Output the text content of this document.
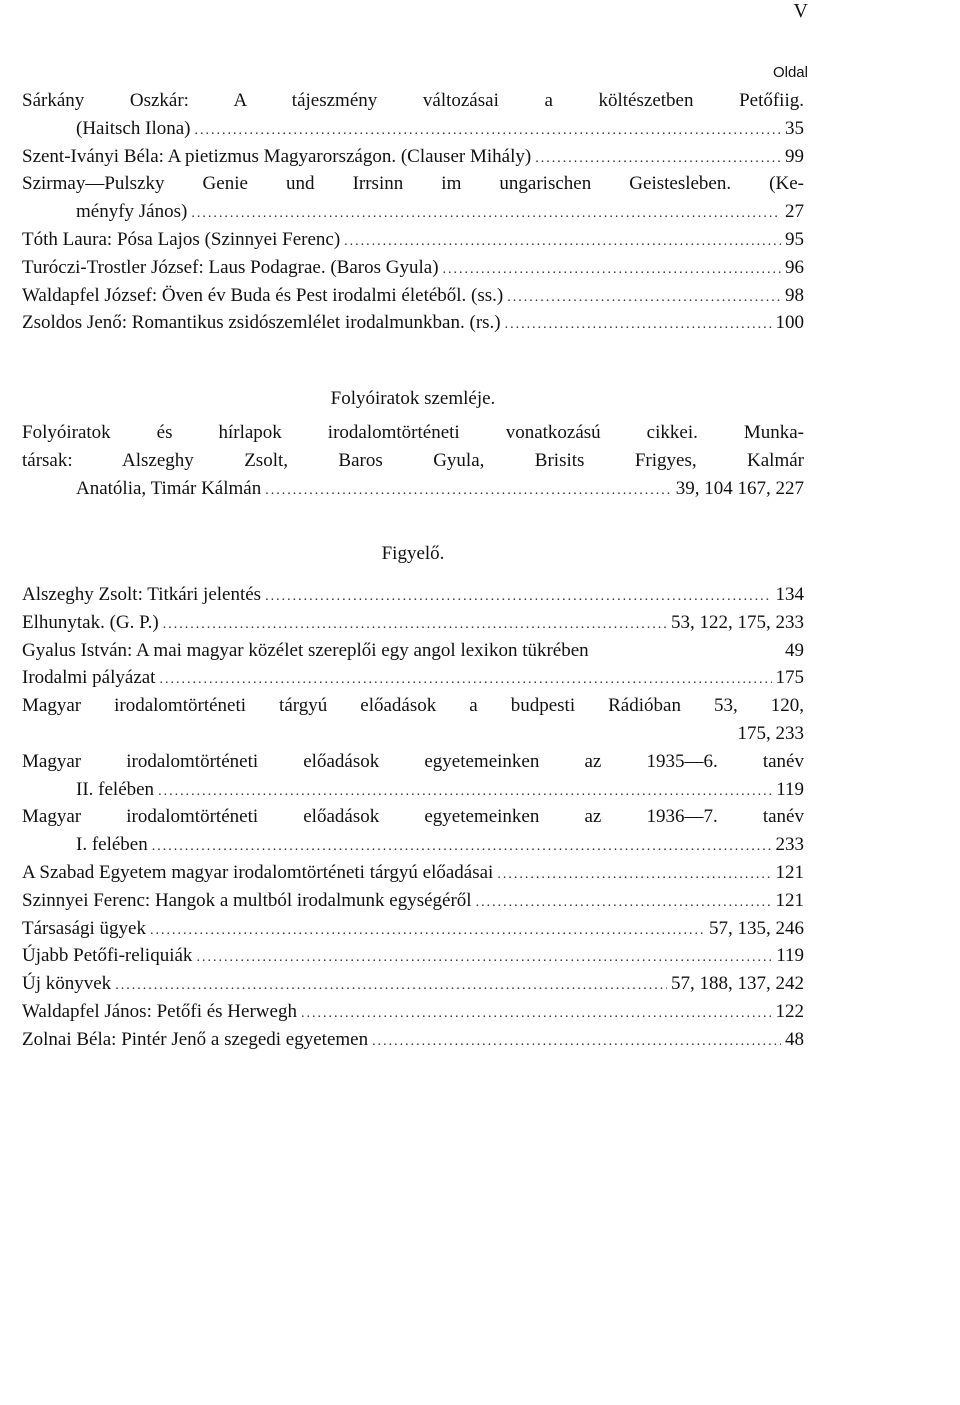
V
Oldal
Sárkány Oszkár: A tájeszmény változásai a költészetben Petőfiig.
(Haitsch Ilona) .....	35
Szent-Iványi Béla: A pietizmus Magyarországon. (Clauser Mihály) .....	99
Szirmay—Pulszky Genie und Irrsinn im ungarischen Geistesleben. (Ke-
ményfy János) .....	27
Tóth Laura: Pósa Lajos (Szinnyei Ferenc) .....	95
Turóczi-Trostler József: Laus Podagrae. (Baros Gyula) .....	96
Waldapfel József: Öven év Buda és Pest irodalmi életéből. (ss.) .....	98
Zsoldos Jenő: Romantikus zsidószemlélet irodalmunkban. (rs.) .....	100
Folyóiratok szemléje.
Folyóiratok és hírlapok irodalomtörténeti vonatkozású cikkei. Munka-
társak: Alszeghy Zsolt, Baros Gyula, Brisits Frigyes, Kalmár
Anatólia, Timár Kálmán .....	39, 104 167, 227
Figyelő.
Alszeghy Zsolt: Titkári jelentés .....	134
Elhunytak. (G. P.) .....	53, 122, 175, 233
Gyalus István: A mai magyar közélet szereplői egy angol lexikon tükrében	49
Irodalmi pályázat .....	175
Magyar irodalomtörténeti tárgyú előadások a budpesti Rádióban 53, 120,
175, 233
Magyar irodalomtörténeti előadások egyetemeinken az 1935—6. tanév
II. felében .....	119
Magyar irodalomtörténeti előadások egyetemeinken az 1936—7. tanév
I. felében .....	233
A Szabad Egyetem magyar irodalomtörténeti tárgyú előadásai .....	121
Szinnyei Ferenc: Hangok a multból irodalmunk egységéről .....	121
Társasági ügyek .....	57, 135, 246
Újabb Petőfi-reliquiák .....	119
Új könyvek .....	57, 188, 137, 242
Waldapfel János: Petőfi és Herwegh .....	122
Zolnai Béla: Pintér Jenő a szegedi egyetemen .....	48
